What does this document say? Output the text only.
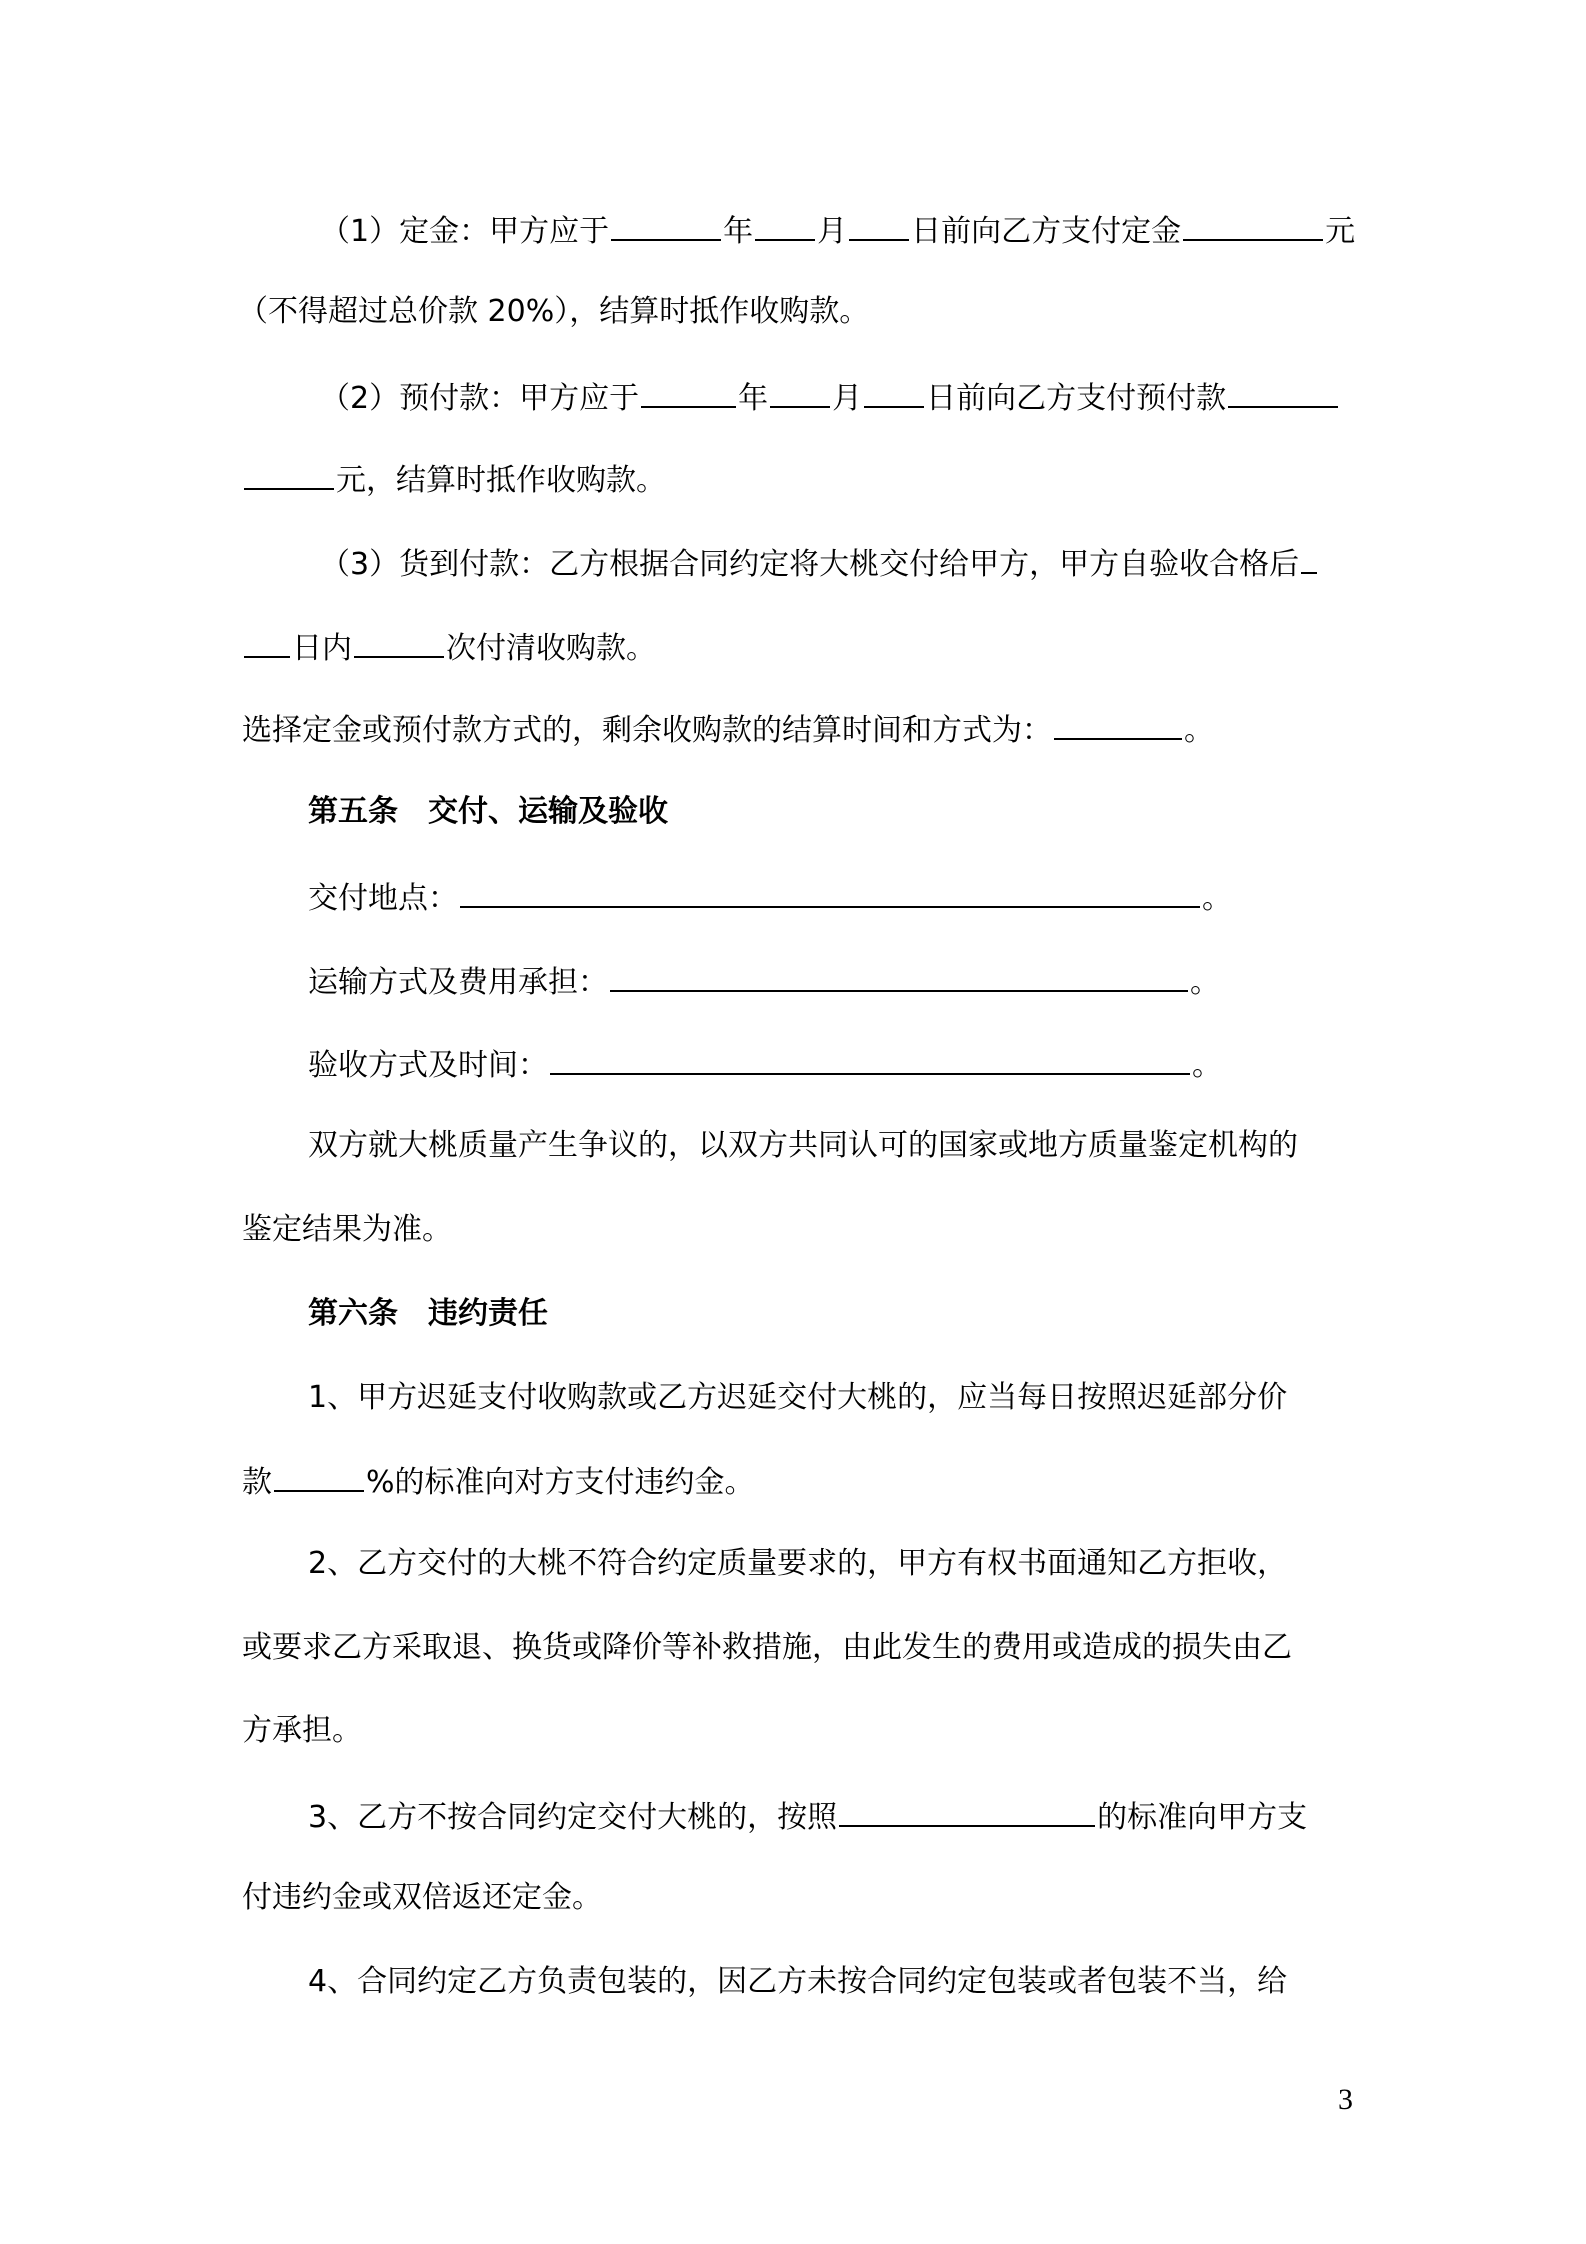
（1）定金：甲方应于	年 月 日前向乙方支付定金	元
（不得超过总价款 20%），结算时抵作收购款。
（2）预付款：甲方应于	年 月 日前向乙方支付预付款
元，结算时抵作收购款。
（3）货到付款：乙方根据合同约定将大桃交付给甲方，甲方自验收合格后
日内	次付清收购款。
选择定金或预付款方式的，剩余收购款的结算时间和方式为：	。
第五条　交付、运输及验收
交付地点：	。
运输方式及费用承担：	。
验收方式及时间：	。
双方就大桃质量产生争议的，以双方共同认可的国家或地方质量鉴定机构的
鉴定结果为准。
第六条　违约责任
1、甲方迟延支付收购款或乙方迟延交付大桃的，应当每日按照迟延部分价
款	%的标准向对方支付违约金。
2、乙方交付的大桃不符合约定质量要求的，甲方有权书面通知乙方拒收，
或要求乙方采取退、换货或降价等补救措施，由此发生的费用或造成的损失由乙
方承担。
3、乙方不按合同约定交付大桃的，按照	的标准向甲方支
付违约金或双倍返还定金。
4、合同约定乙方负责包装的，因乙方未按合同约定包装或者包装不当，给
3
